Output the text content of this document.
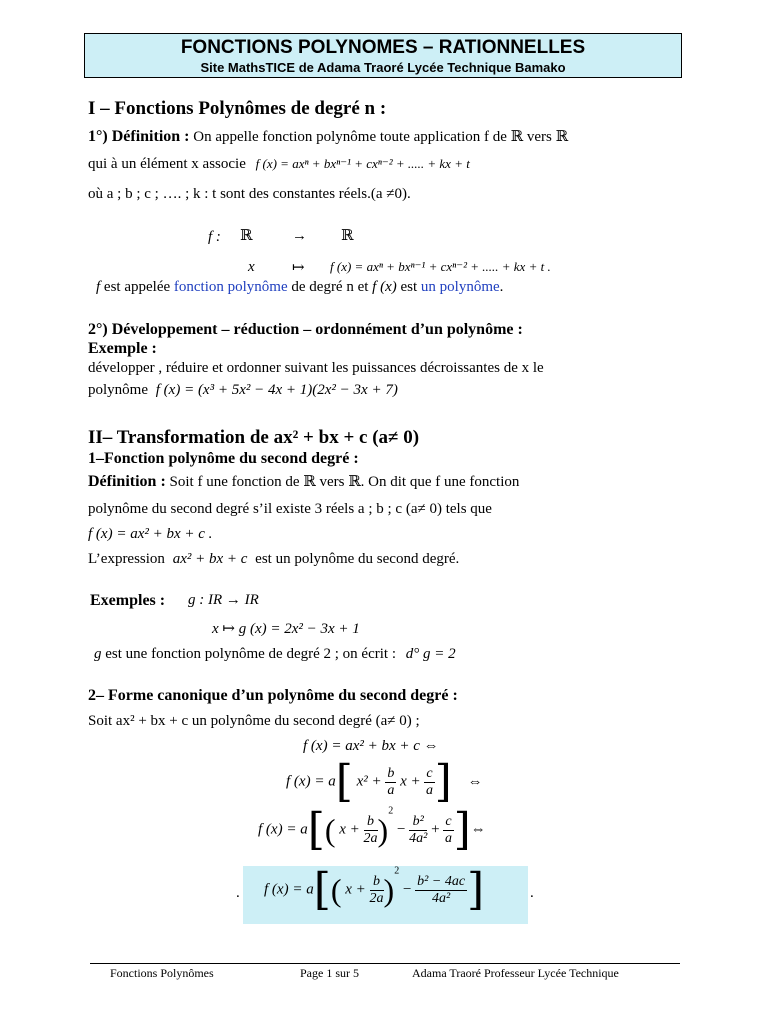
FONCTIONS POLYNOMES – RATIONNELLES
Site MathsTICE de Adama Traoré Lycée Technique Bamako
I – Fonctions Polynômes de degré n :
1°) Définition : On appelle fonction polynôme toute application f de ℝ vers ℝ
qui à un élément x associe f (x) = axⁿ + bxⁿ⁻¹ + cxⁿ⁻² + ..... + kx + t
où a ; b ; c ; …. ; k : t sont des constantes réels.(a ≠0).
f : ℝ	→ ℝ
x ↦ f (x) = axⁿ + bxⁿ⁻¹ + cxⁿ⁻² + ..... + kx + t .
f est appelée fonction polynôme de degré n et f (x) est un polynôme.
2°) Développement – réduction – ordonnément d’un polynôme :
Exemple :
développer , réduire et ordonner suivant les puissances décroissantes de x le
polynôme f (x) = (x³ + 5x² − 4x + 1)(2x² − 3x + 7)
II– Transformation de ax² + bx + c (a≠ 0)
1–Fonction polynôme du second degré :
Définition : Soit f une fonction de ℝ vers ℝ. On dit que f une fonction
polynôme du second degré s’il existe 3 réels a ; b ; c (a≠ 0) tels que
f (x) = ax² + bx + c .
L’expression ax² + bx + c est un polynôme du second degré.
Exemples : g : IR → IR
x ↦ g (x) = 2x² − 3x + 1
g est une fonction polynôme de degré 2 ; on écrit : d° g = 2
2– Forme canonique d’un polynôme du second degré :
Soit ax² + bx + c un polynôme du second degré (a≠ 0) ;
f (x) = ax² + bx + c ⇔
f (x) = a[ $x^2 + \frac{b}{a}$ $x + \frac{c}{a}$ ] ⇔
f (x) = a[( $x + \frac{b}{2a} )^2 - \frac{\text{b²}}{\text{4a²}} + \frac{c}{a}$ ]⇔
. f (x) = a[( $x + \frac{b}{2a} )^2 - \frac{\text{b² − 4ac}}{\text{4a²}}$ ]	.
Fonctions Polynômes	Page 1 sur 5	Adama Traoré Professeur Lycée Technique
